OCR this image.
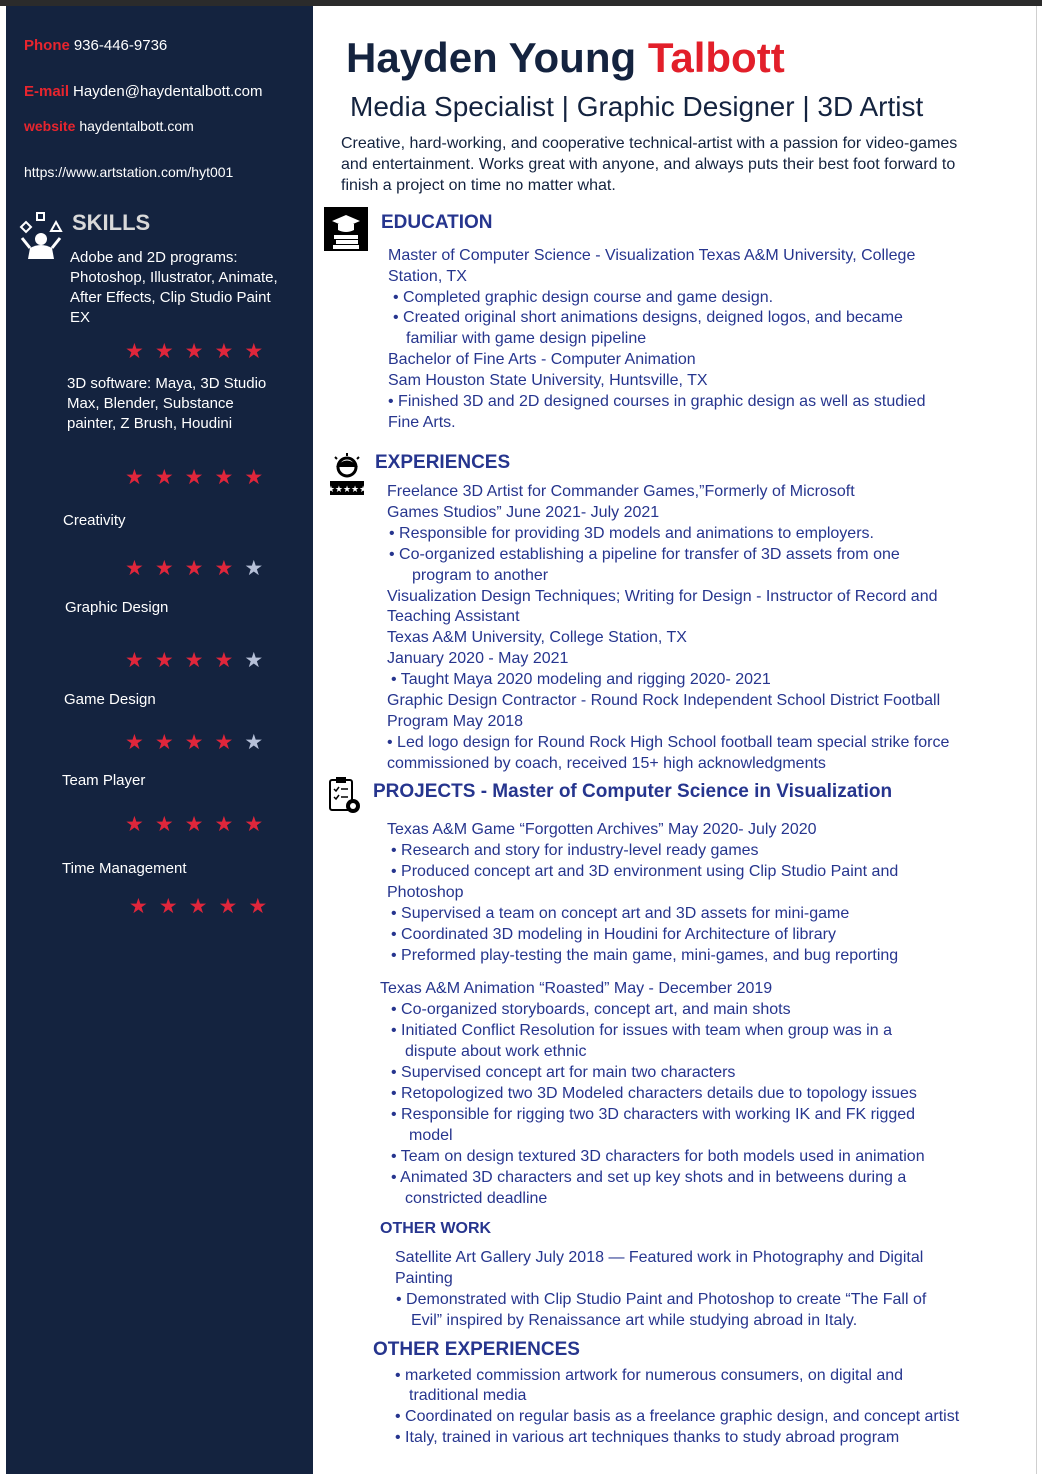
Phone 936-446-9736
E-mail Hayden@haydentalbott.com
website haydentalbott.com
https://www.artstation.com/hyt001
SKILLS
Adobe and 2D programs: Photoshop, Illustrator, Animate, After Effects, Clip Studio Paint EX
★ ★ ★ ★ ★
3D software: Maya, 3D Studio Max, Blender, Substance painter, Z Brush, Houdini
★ ★ ★ ★ ★
Creativity
★ ★ ★ ★ ★
Graphic Design
★ ★ ★ ★ ★
Game Design
★ ★ ★ ★ ★
Team Player
★ ★ ★ ★ ★
Time Management
★ ★ ★ ★ ★
Hayden Young Talbott
Media Specialist | Graphic Designer | 3D Artist
Creative, hard-working, and cooperative technical-artist with a passion for video-games and entertainment. Works great with anyone, and always puts their best foot forward to finish a project on time no matter what.
EDUCATION
Master of Computer Science - Visualization Texas A&M University, College
Station, TX
• Completed graphic design course and game design.
• Created original short animations designs, deigned logos, and became
familiar with game design pipeline
Bachelor of Fine Arts - Computer Animation
Sam Houston State University, Huntsville, TX
• Finished 3D and 2D designed courses in graphic design as well as studied
Fine Arts.
★★★★★
EXPERIENCES
Freelance 3D Artist for Commander Games,”Formerly of Microsoft
Games Studios” June 2021- July 2021
• Responsible for providing 3D models and animations to employers.
• Co-organized establishing a pipeline for transfer of 3D assets from one
program to another
Visualization Design Techniques; Writing for Design - Instructor of Record and
Teaching Assistant
Texas A&M University, College Station, TX
January 2020 - May 2021
• Taught Maya 2020 modeling and rigging 2020- 2021
Graphic Design Contractor - Round Rock Independent School District Football
Program May 2018
• Led logo design for Round Rock High School football team special strike force
commissioned by coach, received 15+ high acknowledgments
PROJECTS - Master of Computer Science in Visualization
Texas A&M Game “Forgotten Archives” May 2020- July 2020
• Research and story for industry-level ready games
• Produced concept art and 3D environment using Clip Studio Paint and
Photoshop
• Supervised a team on concept art and 3D assets for mini-game
• Coordinated 3D modeling in Houdini for Architecture of library
• Preformed play-testing the main game, mini-games, and bug reporting
Texas A&M Animation “Roasted” May - December 2019
• Co-organized storyboards, concept art, and main shots
• Initiated Conflict Resolution for issues with team when group was in a
dispute about work ethnic
• Supervised concept art for main two characters
• Retopologized two 3D Modeled characters details due to topology issues
• Responsible for rigging two 3D characters with working IK and FK rigged
model
• Team on design textured 3D characters for both models used in animation
• Animated 3D characters and set up key shots and in betweens during a
constricted deadline
OTHER WORK
Satellite Art Gallery July 2018 — Featured work in Photography and Digital
Painting
• Demonstrated with Clip Studio Paint and Photoshop to create “The Fall of
Evil” inspired by Renaissance art while studying abroad in Italy.
OTHER EXPERIENCES
• marketed commission artwork for numerous consumers, on digital and
traditional media
• Coordinated on regular basis as a freelance graphic design, and concept artist
• Italy, trained in various art techniques thanks to study abroad program
